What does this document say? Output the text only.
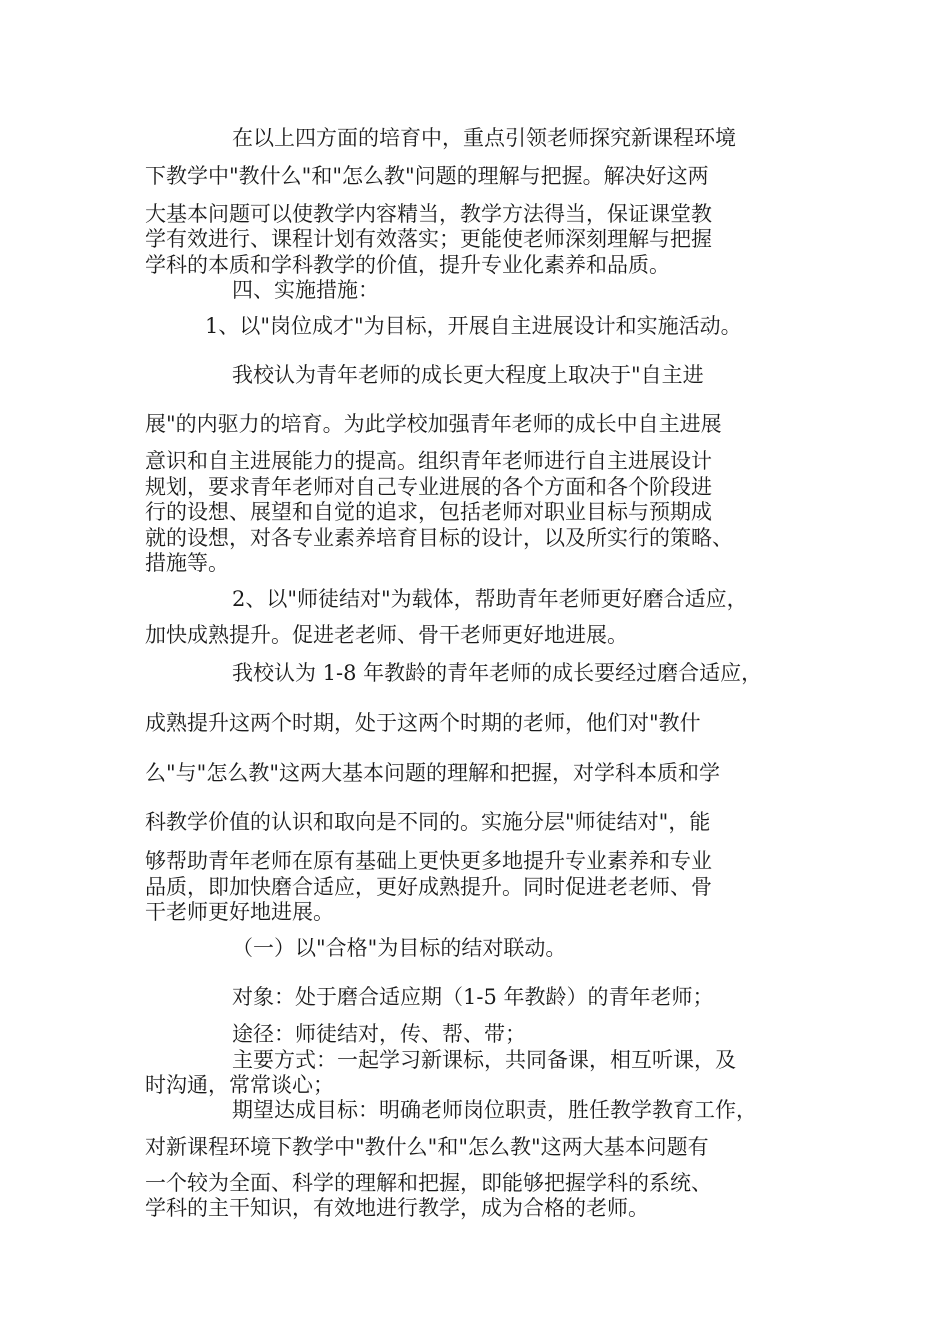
在以上四方面的培育中，重点引领老师探究新课程环境

下教学中"教什么"和"怎么教"问题的理解与把握。解决好这两

大基本问题可以使教学内容精当，教学方法得当，保证课堂教

学有效进行、课程计划有效落实；更能使老师深刻理解与把握

学科的本质和学科教学的价值，提升专业化素养和品质。

四、实施措施：

1、以"岗位成才"为目标，开展自主进展设计和实施活动。

我校认为青年老师的成长更大程度上取决于"自主进

展"的内驱力的培育。为此学校加强青年老师的成长中自主进展

意识和自主进展能力的提高。组织青年老师进行自主进展设计

规划，要求青年老师对自己专业进展的各个方面和各个阶段进

行的设想、展望和自觉的追求，包括老师对职业目标与预期成

就的设想，对各专业素养培育目标的设计，以及所实行的策略、

措施等。

2、以"师徒结对"为载体，帮助青年老师更好磨合适应，

加快成熟提升。促进老老师、骨干老师更好地进展。

我校认为 1-8 年教龄的青年老师的成长要经过磨合适应，

成熟提升这两个时期，处于这两个时期的老师，他们对"教什

么"与"怎么教"这两大基本问题的理解和把握，对学科本质和学

科教学价值的认识和取向是不同的。实施分层"师徒结对"，能

够帮助青年老师在原有基础上更快更多地提升专业素养和专业

品质，即加快磨合适应，更好成熟提升。同时促进老老师、骨

干老师更好地进展。

（一）以"合格"为目标的结对联动。

对象：处于磨合适应期（1-5 年教龄）的青年老师；

途径：师徒结对，传、帮、带；

主要方式：一起学习新课标，共同备课，相互听课，及

时沟通，常常谈心；

期望达成目标：明确老师岗位职责，胜任教学教育工作，

对新课程环境下教学中"教什么"和"怎么教"这两大基本问题有

一个较为全面、科学的理解和把握，即能够把握学科的系统、

学科的主干知识，有效地进行教学，成为合格的老师。
